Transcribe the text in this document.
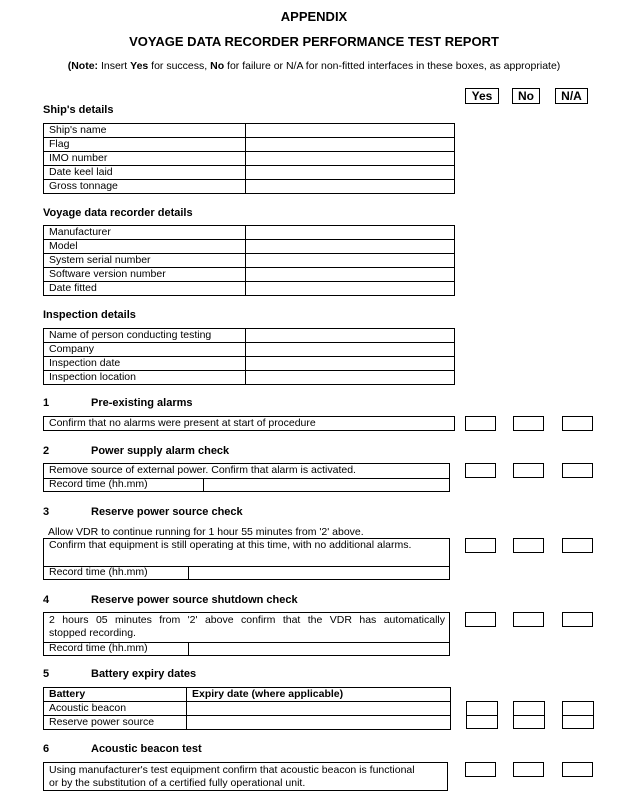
APPENDIX
VOYAGE DATA RECORDER PERFORMANCE TEST REPORT
(Note: Insert Yes for success, No for failure or N/A for non-fitted interfaces in these boxes, as appropriate)
Yes	No	N/A
Ship's details
Ship's name	
Flag	
IMO number	
Date keel laid	
Gross tonnage	
Voyage data recorder details
Manufacturer	
Model	
System serial number	
Software version number	
Date fitted	
Inspection details
Name of person conducting testing	
Company	
Inspection date	
Inspection location	
1	Pre-existing alarms
Confirm that no alarms were present at start of procedure
2	Power supply alarm check
Remove source of external power. Confirm that alarm is activated.
Record time (hh.mm)
3	Reserve power source check
Allow VDR to continue running for 1 hour 55 minutes from '2' above.
Confirm that equipment is still operating at this time, with no additional alarms.
Record time (hh.mm)
4	Reserve power source shutdown check
2 hours 05 minutes from '2' above confirm that the VDR has automatically
stopped recording.
Record time (hh.mm)
5	Battery expiry dates
Battery	Expiry date (where applicable)
Acoustic beacon	
Reserve power source	
6	Acoustic beacon test
Using manufacturer's test equipment confirm that acoustic beacon is functional
or by the substitution of a certified fully operational unit.
